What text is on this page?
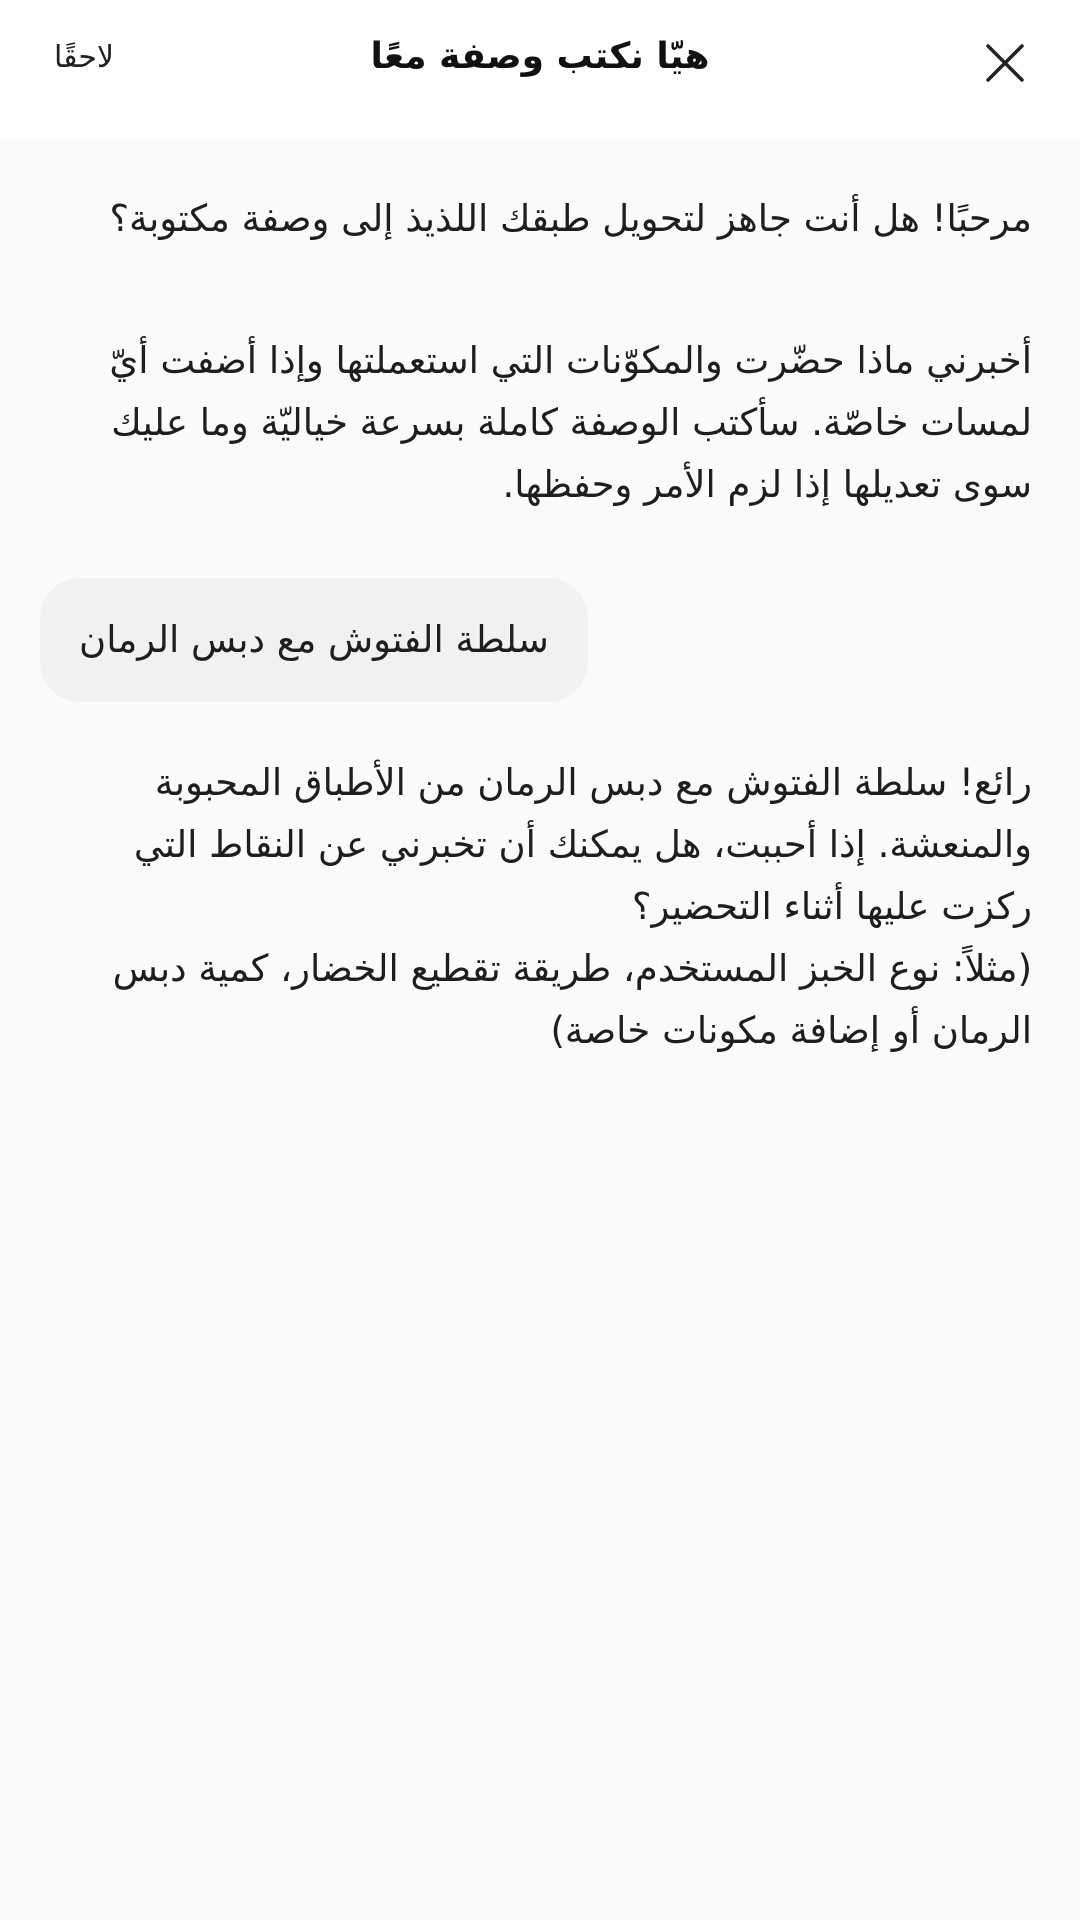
لاحقًا	هيّا نكتب وصفة معًا

مرحبًا! هل أنت جاهز لتحويل طبقك اللذيذ إلى وصفة مكتوبة؟

أخبرني ماذا حضّرت والمكوّنات التي استعملتها وإذا أضفت أيّ
لمسات خاصّة. سأكتب الوصفة كاملة بسرعة خياليّة وما عليك
سوى تعديلها إذا لزم الأمر وحفظها.

سلطة الفتوش مع دبس الرمان

رائع! سلطة الفتوش مع دبس الرمان من الأطباق المحبوبة
والمنعشة. إذا أحببت، هل يمكنك أن تخبرني عن النقاط التي
ركزت عليها أثناء التحضير؟
(مثلاً: نوع الخبز المستخدم، طريقة تقطيع الخضار، كمية دبس
الرمان أو إضافة مكونات خاصة)
